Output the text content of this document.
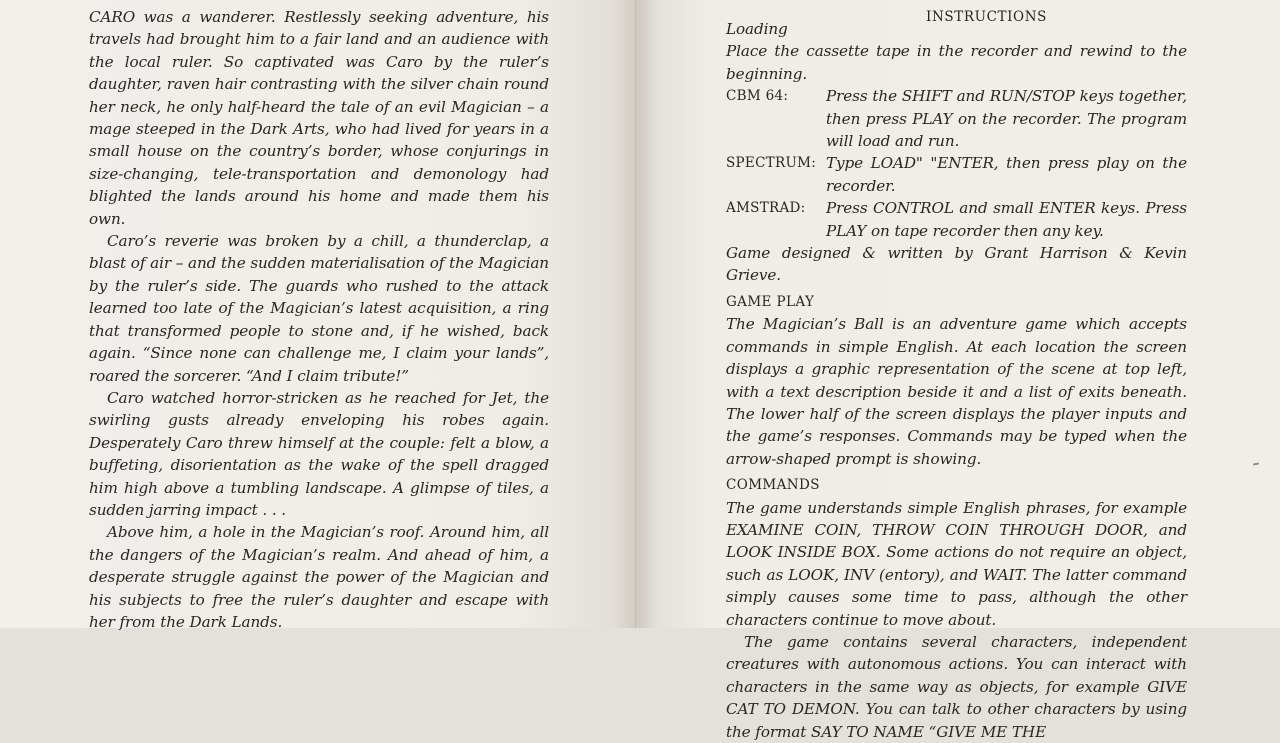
CARO was a wanderer. Restlessly seeking adventure, his travels had brought him to a fair land and an audience with the local ruler. So captivated was Caro by the ruler’s daughter, raven hair contrasting with the silver chain round her neck, he only half-heard the tale of an evil Magician – a mage steeped in the Dark Arts, who had lived for years in a small house on the country’s border, whose conjurings in size-changing, tele-transportation and demonology had blighted the lands around his home and made them his own.

Caro’s reverie was broken by a chill, a thunderclap, a blast of air – and the sudden materialisation of the Magician by the ruler’s side. The guards who rushed to the attack learned too late of the Magician’s latest acquisition, a ring that transformed people to stone and, if he wished, back again. “Since none can challenge me, I claim your lands”, roared the sorcerer. “And I claim tribute!”

Caro watched horror-stricken as he reached for Jet, the swirling gusts already enveloping his robes again. Desperately Caro threw himself at the couple: felt a blow, a buffeting, disorientation as the wake of the spell dragged him high above a tumbling landscape. A glimpse of tiles, a sudden jarring impact . . .

Above him, a hole in the Magician’s roof. Around him, all the dangers of the Magician’s realm. And ahead of him, a desperate struggle against the power of the Magician and his subjects to free the ruler’s daughter and escape with her from the Dark Lands.

INSTRUCTIONS

Loading

Place the cassette tape in the recorder and rewind to the beginning.

CBM 64:	Press the SHIFT and RUN/STOP keys together, then press PLAY on the recorder. The program will load and run.
SPECTRUM: Type LOAD" "ENTER, then press play on the recorder.
AMSTRAD:	Press CONTROL and small ENTER keys. Press PLAY on tape recorder then any key.

Game designed & written by Grant Harrison & Kevin Grieve.

GAME PLAY

The Magician’s Ball is an adventure game which accepts commands in simple English. At each location the screen displays a graphic representation of the scene at top left, with a text description beside it and a list of exits beneath. The lower half of the screen displays the player inputs and the game’s responses. Commands may be typed when the arrow-shaped prompt is showing.

COMMANDS

The game understands simple English phrases, for example EXAMINE COIN, THROW COIN THROUGH DOOR, and LOOK INSIDE BOX. Some actions do not require an object, such as LOOK, INV (entory), and WAIT. The latter command simply causes some time to pass, although the other characters continue to move about.

The game contains several characters, independent creatures with autonomous actions. You can interact with characters in the same way as objects, for example GIVE CAT TO DEMON. You can talk to other characters by using the format SAY TO NAME “GIVE ME THE
